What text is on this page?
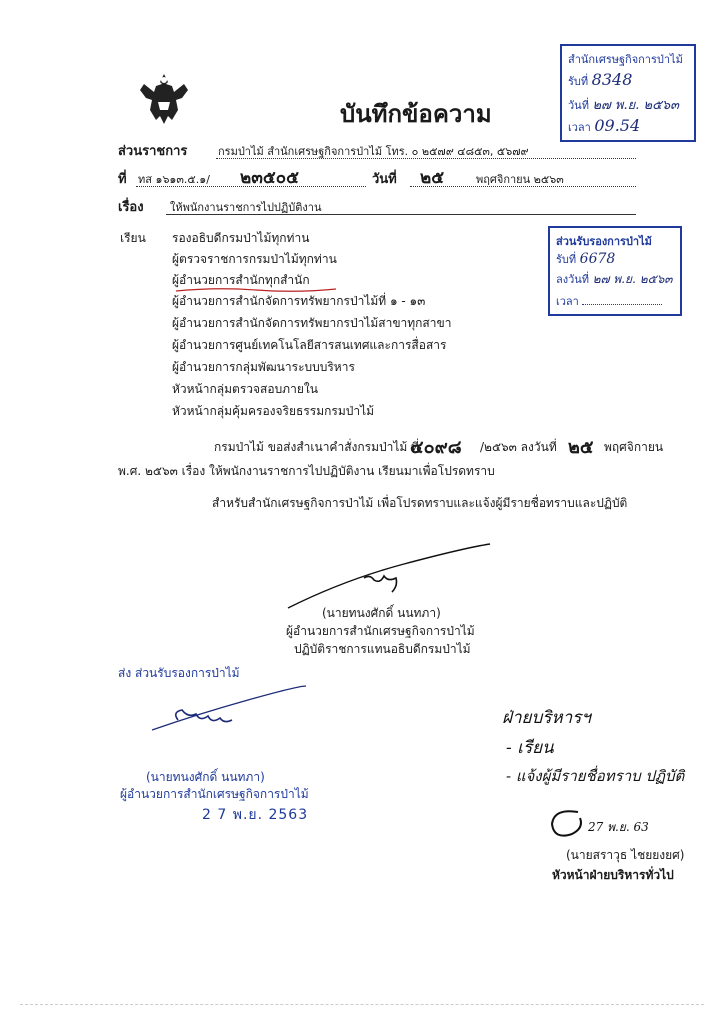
บันทึกข้อความ
สำนักเศรษฐกิจการป่าไม้
รับที่ 8348
วันที่ ๒๗ พ.ย. ๒๕๖๓
เวลา 09.54
ส่วนราชการ	กรมป่าไม้ สำนักเศรษฐกิจการป่าไม้ โทร. ๐ ๒๕๗๙ ๔๘๕๓, ๕๖๗๙
ที่ ทส ๑๖๑๓.๕.๑/ ๒๓๕๐๕	วันที่ ๒๕	พฤศจิกายน ๒๕๖๓
เรื่อง ให้พนักงานราชการไปปฏิบัติงาน
ส่วนรับรองการป่าไม้
รับที่ 6678
ลงวันที่ ๒๗ พ.ย. ๒๕๖๓
เวลา
เรียน รองอธิบดีกรมป่าไม้ทุกท่าน
ผู้ตรวจราชการกรมป่าไม้ทุกท่าน
ผู้อำนวยการสำนักทุกสำนัก
ผู้อำนวยการสำนักจัดการทรัพยากรป่าไม้ที่ ๑ - ๑๓
ผู้อำนวยการสำนักจัดการทรัพยากรป่าไม้สาขาทุกสาขา
ผู้อำนวยการศูนย์เทคโนโลยีสารสนเทศและการสื่อสาร
ผู้อำนวยการกลุ่มพัฒนาระบบบริหาร
หัวหน้ากลุ่มตรวจสอบภายใน
หัวหน้ากลุ่มคุ้มครองจริยธรรมกรมป่าไม้
กรมป่าไม้ ขอส่งสำเนาคำสั่งกรมป่าไม้ ที่
๔๐๙๘ /๒๕๖๓ ลงวันที่ ๒๕ พฤศจิกายน
พ.ศ. ๒๕๖๓ เรื่อง ให้พนักงานราชการไปปฏิบัติงาน เรียนมาเพื่อโปรดทราบ
สำหรับสำนักเศรษฐกิจการป่าไม้ เพื่อโปรดทราบและแจ้งผู้มีรายชื่อทราบและปฏิบัติ
(นายทนงศักดิ์ นนทภา)
ผู้อำนวยการสำนักเศรษฐกิจการป่าไม้
ปฏิบัติราชการแทนอธิบดีกรมป่าไม้
ส่ง ส่วนรับรองการป่าไม้
(นายทนงศักดิ์ นนทภา)
ผู้อำนวยการสำนักเศรษฐกิจการป่าไม้
2 7 พ.ย. 2563
ฝ่ายบริหารฯ
- เรียน
- แจ้งผู้มีรายชื่อทราบ ปฏิบัติ
27 พ.ย. 63
(นายสราวุธ ไชยยงยศ)
หัวหน้าฝ่ายบริหารทั่วไป
